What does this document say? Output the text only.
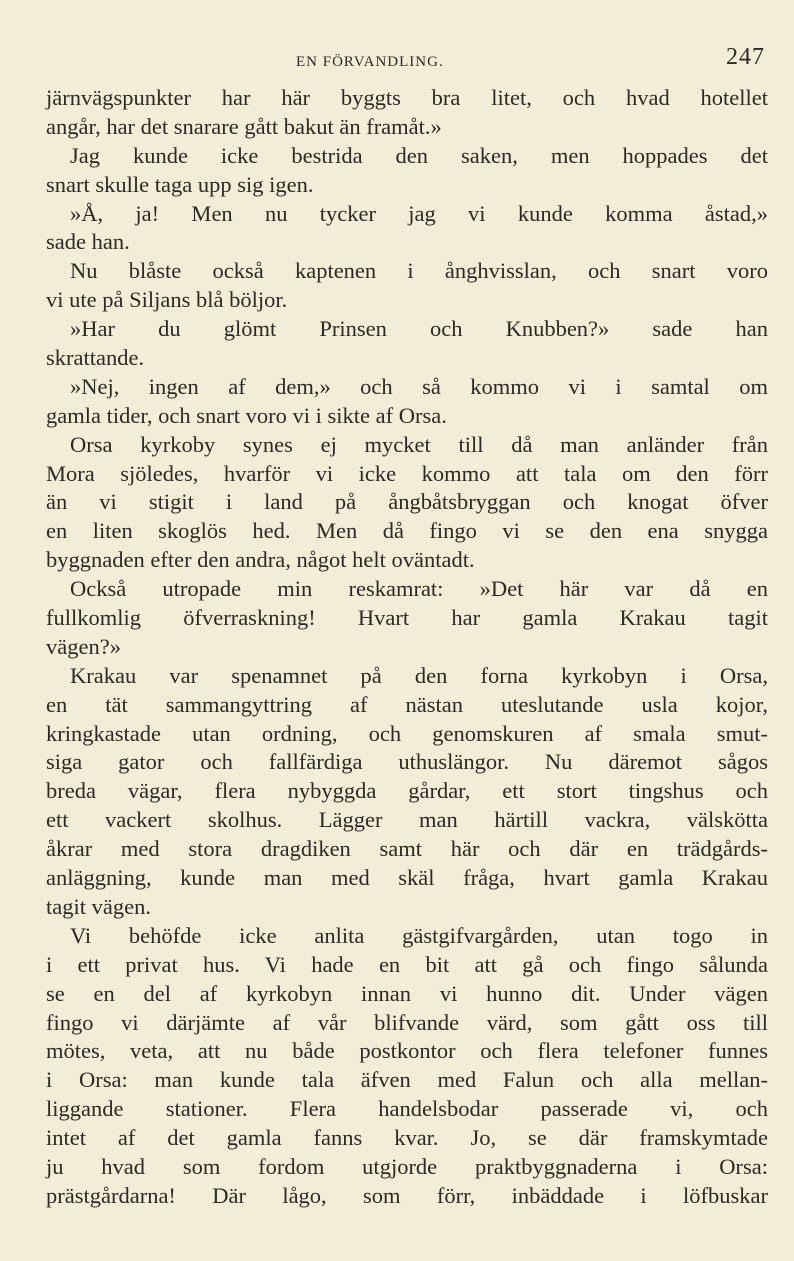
EN FÖRVANDLING.	247
järnvägspunkter har här byggts bra litet, och hvad hotellet
angår, har det snarare gått bakut än framåt.»
Jag kunde icke bestrida den saken, men hoppades det
snart skulle taga upp sig igen.
»Å, ja! Men nu tycker jag vi kunde komma åstad,»
sade han.
Nu blåste också kaptenen i ånghvisslan, och snart voro
vi ute på Siljans blå böljor.
»Har du glömt Prinsen och Knubben?» sade han
skrattande.
»Nej, ingen af dem,» och så kommo vi i samtal om
gamla tider, och snart voro vi i sikte af Orsa.
Orsa kyrkoby synes ej mycket till då man anländer från
Mora sjöledes, hvarför vi icke kommo att tala om den förr
än vi stigit i land på ångbåtsbryggan och knogat öfver
en liten skoglös hed. Men då fingo vi se den ena snygga
byggnaden efter den andra, något helt oväntadt.
Också utropade min reskamrat: »Det här var då en
fullkomlig öfverraskning! Hvart har gamla Krakau tagit
vägen?»
Krakau var spenamnet på den forna kyrkobyn i Orsa,
en tät sammangyttring af nästan uteslutande usla kojor,
kringkastade utan ordning, och genomskuren af smala smut-
siga gator och fallfärdiga uthuslängor. Nu däremot sågos
breda vägar, flera nybyggda gårdar, ett stort tingshus och
ett vackert skolhus. Lägger man härtill vackra, välskötta
åkrar med stora dragdiken samt här och där en trädgårds-
anläggning, kunde man med skäl fråga, hvart gamla Krakau
tagit vägen.
Vi behöfde icke anlita gästgifvargården, utan togo in
i ett privat hus. Vi hade en bit att gå och fingo sålunda
se en del af kyrkobyn innan vi hunno dit. Under vägen
fingo vi därjämte af vår blifvande värd, som gått oss till
mötes, veta, att nu både postkontor och flera telefoner funnes
i Orsa: man kunde tala äfven med Falun och alla mellan-
liggande stationer. Flera handelsbodar passerade vi, och
intet af det gamla fanns kvar. Jo, se där framskymtade
ju hvad som fordom utgjorde praktbyggnaderna i Orsa:
prästgårdarna! Där lågo, som förr, inbäddade i löfbuskar
